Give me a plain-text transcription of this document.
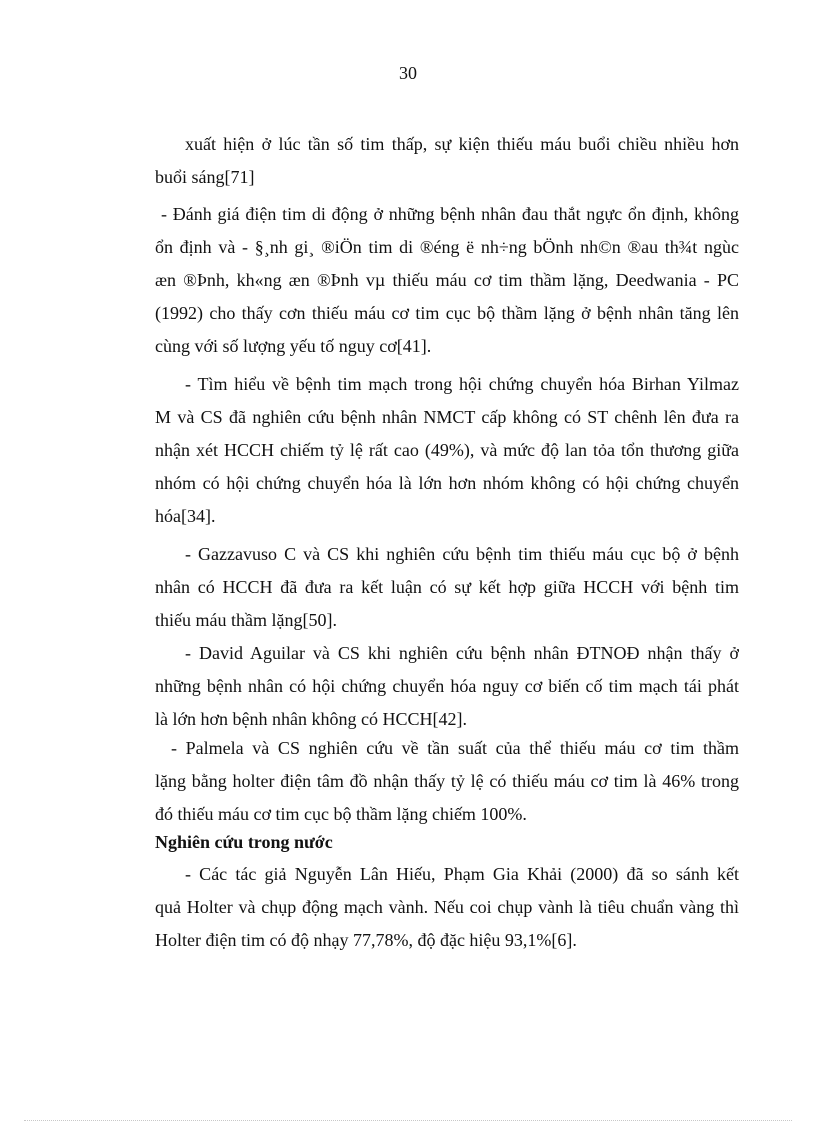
30
xuất hiện ở lúc tần số tim thấp, sự kiện thiếu máu buổi chiều nhiều hơn
buổi sáng[71]
- Đánh giá điện tim di động ở những bệnh nhân đau thắt ngực ổn định, không
ổn định và - §¸nh gi¸ ®iÖn tim di ®éng ë nh÷ng bÖnh nh©n ®au th¾t ngùc
æn ®Þnh, kh«ng æn ®Þnh vµ thiếu máu cơ tim thầm lặng, Deedwania - PC
(1992) cho thấy cơn thiếu máu cơ tim cục bộ thầm lặng ở bệnh nhân tăng lên
cùng với số lượng yếu tố nguy cơ[41].
- Tìm hiểu về bệnh tim mạch trong hội chứng chuyển hóa Birhan Yilmaz
M và CS đã nghiên cứu bệnh nhân NMCT cấp không có ST chênh lên đưa ra
nhận xét HCCH chiếm tỷ lệ rất cao (49%), và mức độ lan tỏa tổn thương giữa
nhóm có hội chứng chuyển hóa là lớn hơn nhóm không có hội chứng chuyển
hóa[34].
- Gazzavuso C và CS khi nghiên cứu bệnh tim thiếu máu cục bộ ở bệnh
nhân có HCCH đã đưa ra kết luận có sự kết hợp giữa HCCH với bệnh tim
thiếu máu thầm lặng[50].
- David Aguilar và CS khi nghiên cứu bệnh nhân ĐTNOĐ nhận thấy ở
những bệnh nhân có hội chứng chuyển hóa nguy cơ biến cố tim mạch tái phát
là lớn hơn bệnh nhân không có HCCH[42].
- Palmela và CS nghiên cứu về tần suất của thể thiếu máu cơ tim thầm
lặng bằng holter điện tâm đồ nhận thấy tỷ lệ có thiếu máu cơ tim là 46% trong
đó thiếu máu cơ tim cục bộ thầm lặng chiếm 100%.
Nghiên cứu trong nước
- Các tác giả Nguyễn Lân Hiếu, Phạm Gia Khải (2000) đã so sánh kết
quả Holter và chụp động mạch vành. Nếu coi chụp vành là tiêu chuẩn vàng thì
Holter điện tim có độ nhạy 77,78%, độ đặc hiệu 93,1%[6].
